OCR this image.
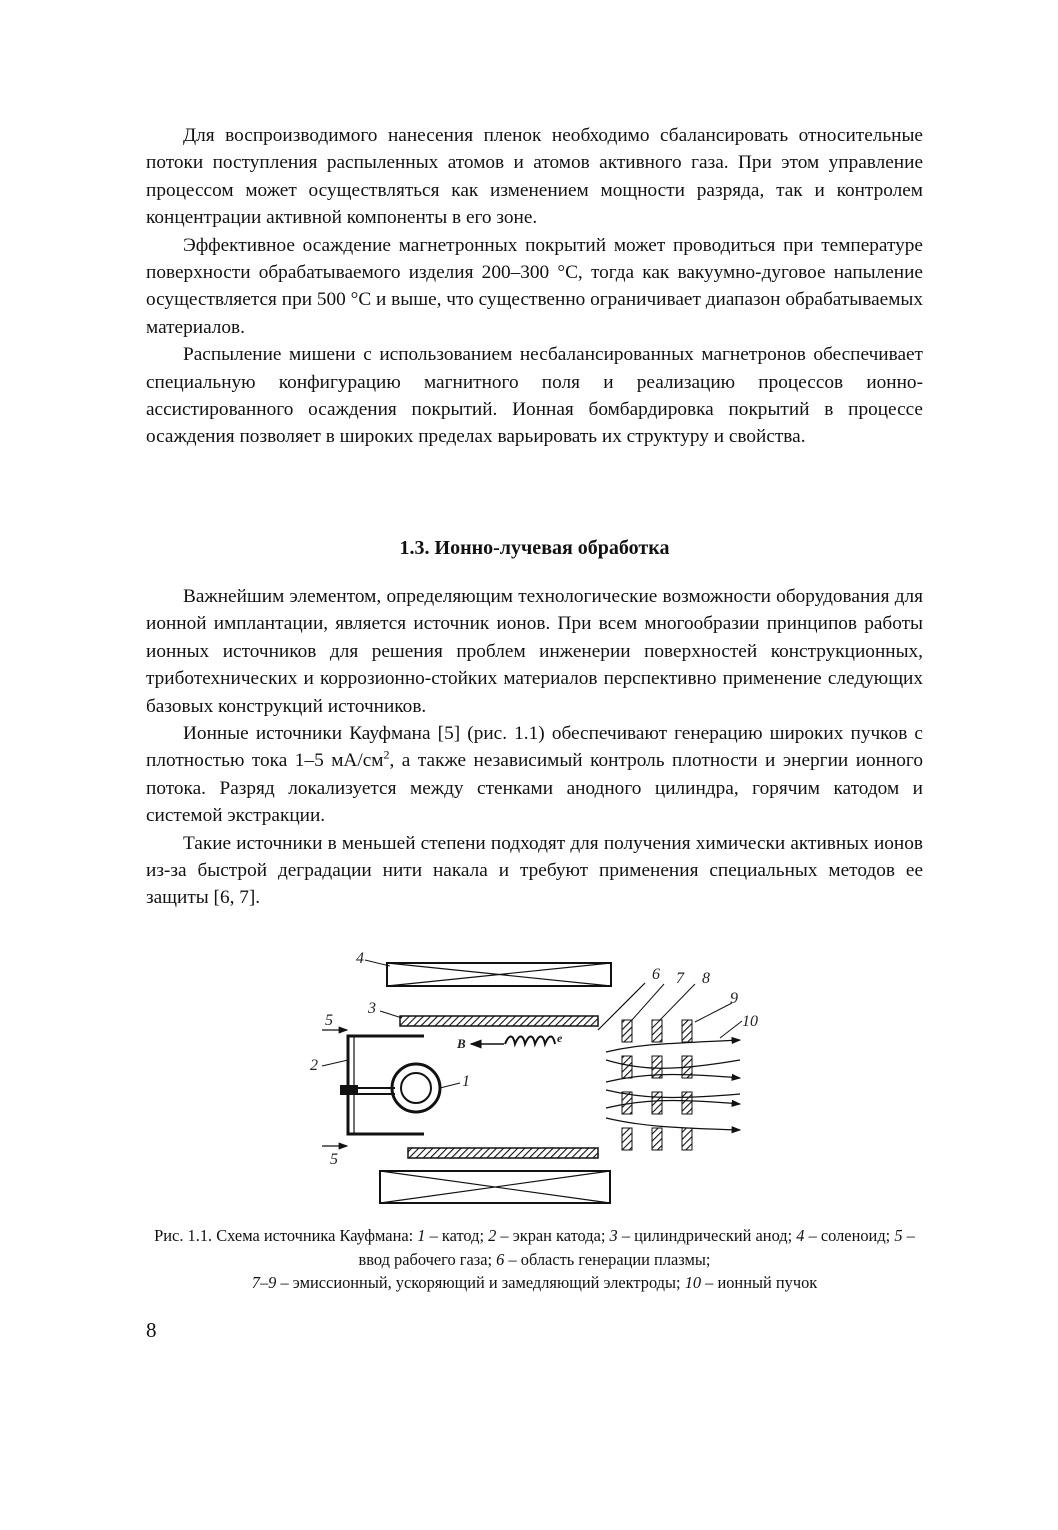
Для воспроизводимого нанесения пленок необходимо сбалансировать относительные потоки поступления распыленных атомов и атомов активного газа. При этом управление процессом может осуществляться как изменением мощности разряда, так и контролем концентрации активной компоненты в его зоне.

Эффективное осаждение магнетронных покрытий может проводиться при температуре поверхности обрабатываемого изделия 200–300 °С, тогда как вакуумно-дуговое напыление осуществляется при 500 °С и выше, что существенно ограничивает диапазон обрабатываемых материалов.

Распыление мишени с использованием несбалансированных магнетронов обеспечивает специальную конфигурацию магнитного поля и реализацию процессов ионно-ассистированного осаждения покрытий. Ионная бомбардировка покрытий в процессе осаждения позволяет в широких пределах варьировать их структуру и свойства.

1.3. Ионно-лучевая обработка

Важнейшим элементом, определяющим технологические возможности оборудования для ионной имплантации, является источник ионов. При всем многообразии принципов работы ионных источников для решения проблем инженерии поверхностей конструкционных, триботехнических и коррозионно-стойких материалов перспективно применение следующих базовых конструкций источников.

Ионные источники Кауфмана [5] (рис. 1.1) обеспечивают генерацию широких пучков с плотностью тока 1–5 $мА/см^2$, а также независимый контроль плотности и энергии ионного потока. Разряд локализуется между стенками анодного цилиндра, горячим катодом и системой экстракции.

Такие источники в меньшей степени подходят для получения химически активных ионов из-за быстрой деградации нити накала и требуют применения специальных методов ее защиты [6, 7].

4
3
5
2
1
5
B	e
6 7 8
9
10

Рис. 1.1. Схема источника Кауфмана: 1 – катод; 2 – экран катода; 3 – цилиндрический анод; 4 – соленоид; 5 – ввод рабочего газа; 6 – область генерации плазмы;
7–9 – эмиссионный, ускоряющий и замедляющий электроды; 10 – ионный пучок

8
